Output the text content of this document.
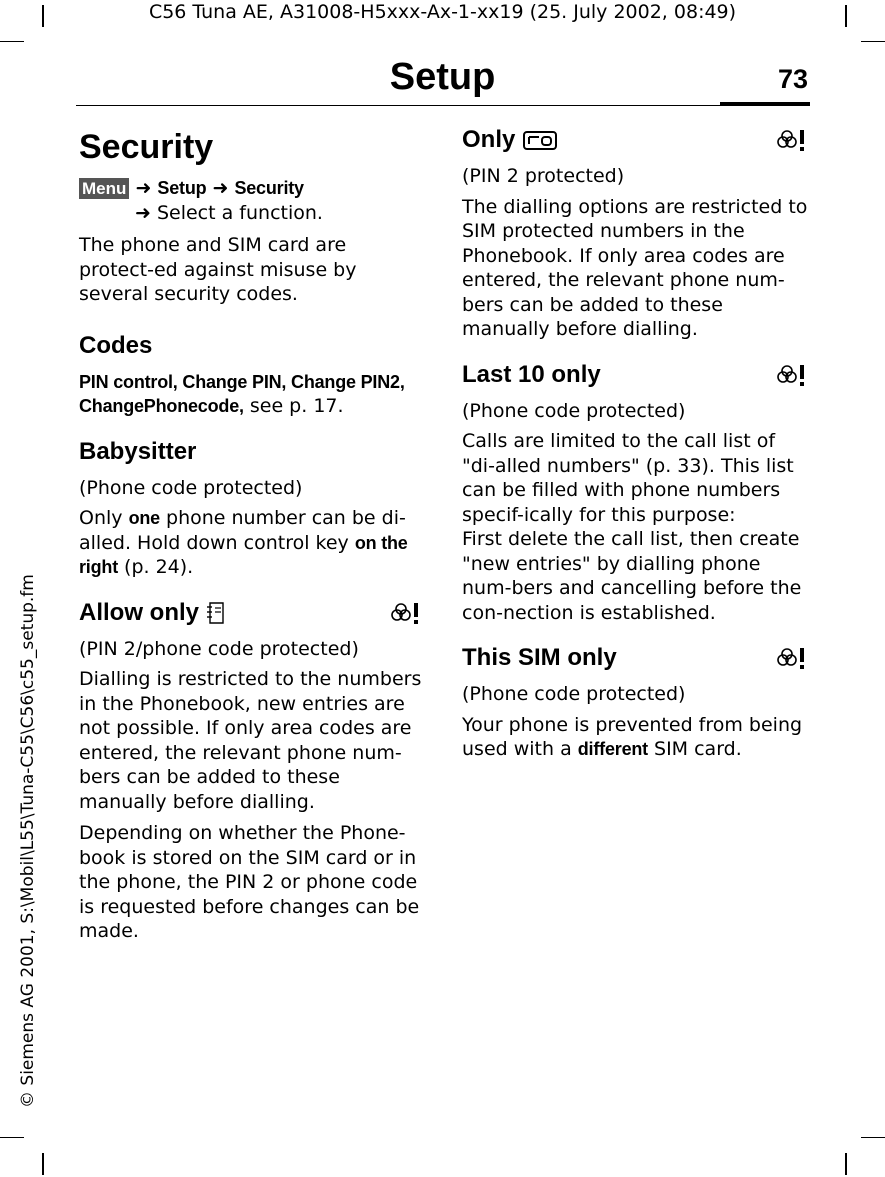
C56 Tuna AE, A31008-H5xxx-Ax-1-xx19 (25. July 2002, 08:49)
© Siemens AG 2001, S:\Mobil\L55\Tuna-C55\C56\c55_setup.fm
Setup	73
Security

Menu ➜ Setup ➜ Security

➜ Select a function.

The phone and SIM card are protect-ed against misuse by several security codes.

Codes

PIN control, Change PIN, Change PIN2, ChangePhonecode, see p. 17.

Babysitter

(Phone code protected)

Only one phone number can be di-alled. Hold down control key on the right (p. 24).

Allow only

(PIN 2/phone code protected)

Dialling is restricted to the numbers in the Phonebook, new entries are not possible. If only area codes are entered, the relevant phone num-bers can be added to these manually before dialling.

Depending on whether the Phone-book is stored on the SIM card or in the phone, the PIN 2 or phone code is requested before changes can be made.

Only

(PIN 2 protected)

The dialling options are restricted to SIM protected numbers in the Phonebook. If only area codes are entered, the relevant phone num-bers can be added to these manually before dialling.

Last 10 only

(Phone code protected)

Calls are limited to the call list of "di-alled numbers" (p. 33). This list can be filled with phone numbers specif-ically for this purpose:

First delete the call list, then create "new entries" by dialling phone num-bers and cancelling before the con-nection is established.

This SIM only

(Phone code protected)

Your phone is prevented from being used with a different SIM card.
